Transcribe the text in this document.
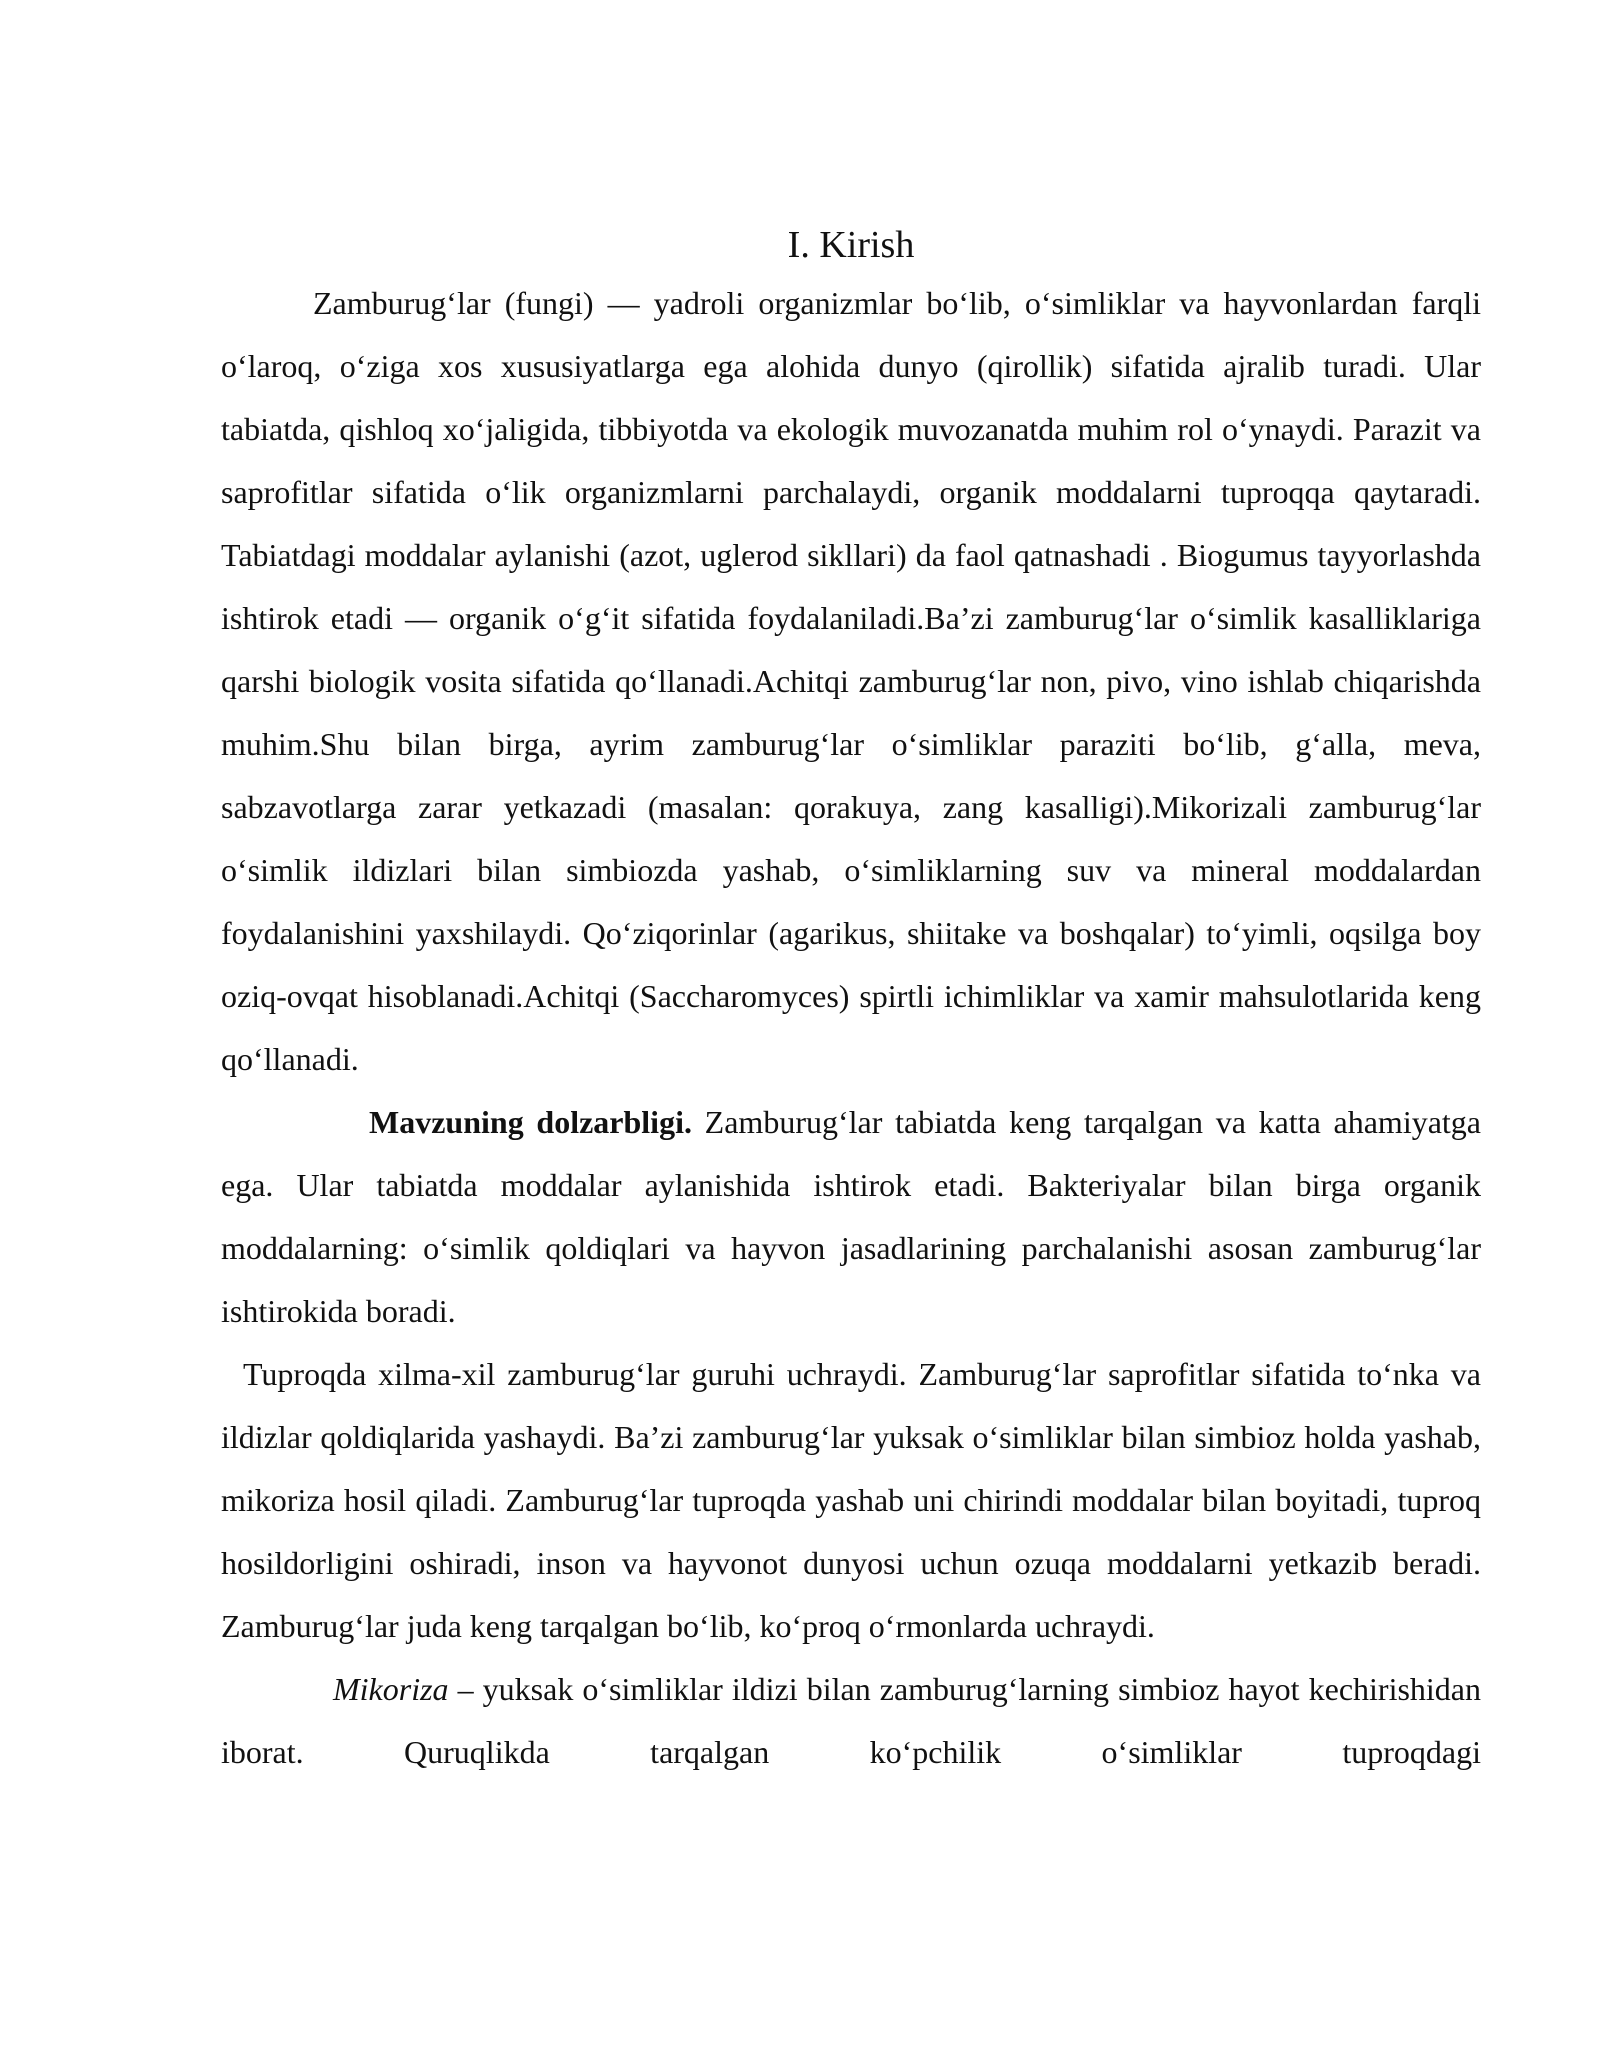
I. Kirish

Zamburug‘lar (fungi) — yadroli organizmlar bo‘lib, o‘simliklar va hayvonlardan farqli o‘laroq, o‘ziga xos xususiyatlarga ega alohida dunyo (qirollik) sifatida ajralib turadi. Ular tabiatda, qishloq xo‘jaligida, tibbiyotda va ekologik muvozanatda muhim rol o‘ynaydi. Parazit va saprofitlar sifatida o‘lik organizmlarni parchalaydi, organik moddalarni tuproqqa qaytaradi. Tabiatdagi moddalar aylanishi (azot, uglerod sikllari) da faol qatnashadi . Biogumus tayyorlashda ishtirok etadi — organik o‘g‘it sifatida foydalaniladi.Ba’zi zamburug‘lar o‘simlik kasalliklariga qarshi biologik vosita sifatida qo‘llanadi.Achitqi zamburug‘lar non, pivo, vino ishlab chiqarishda muhim.Shu bilan birga, ayrim zamburug‘lar o‘simliklar paraziti bo‘lib, g‘alla, meva, sabzavotlarga zarar yetkazadi (masalan: qorakuya, zang kasalligi).Mikorizali zamburug‘lar o‘simlik ildizlari bilan simbiozda yashab, o‘simliklarning suv va mineral moddalardan foydalanishini yaxshilaydi. Qo‘ziqorinlar (agarikus, shiitake va boshqalar) to‘yimli, oqsilga boy oziq-ovqat hisoblanadi.Achitqi (Saccharomyces) spirtli ichimliklar va xamir mahsulotlarida keng qo‘llanadi.

Mavzuning dolzarbligi. Zamburug‘lar tabiatda keng tarqalgan va katta ahamiyatga ega. Ular tabiatda moddalar aylanishida ishtirok etadi. Bakteriyalar bilan birga organik moddalarning: o‘simlik qoldiqlari va hayvon jasadlarining parchalanishi asosan zamburug‘lar ishtirokida boradi.

Tuproqda xilma-xil zamburug‘lar guruhi uchraydi. Zamburug‘lar saprofitlar sifatida to‘nka va ildizlar qoldiqlarida yashaydi. Ba’zi zamburug‘lar yuksak o‘simliklar bilan simbioz holda yashab, mikoriza hosil qiladi. Zamburug‘lar tuproqda yashab uni chirindi moddalar bilan boyitadi, tuproq hosildorligini oshiradi, inson va hayvonot dunyosi uchun ozuqa moddalarni yetkazib beradi. Zamburug‘lar juda keng tarqalgan bo‘lib, ko‘proq o‘rmonlarda uchraydi.

Mikoriza – yuksak o‘simliklar ildizi bilan zamburug‘larning simbioz hayot kechirishidan iborat. Quruqlikda tarqalgan ko‘pchilik o‘simliklar tuproqdagi
